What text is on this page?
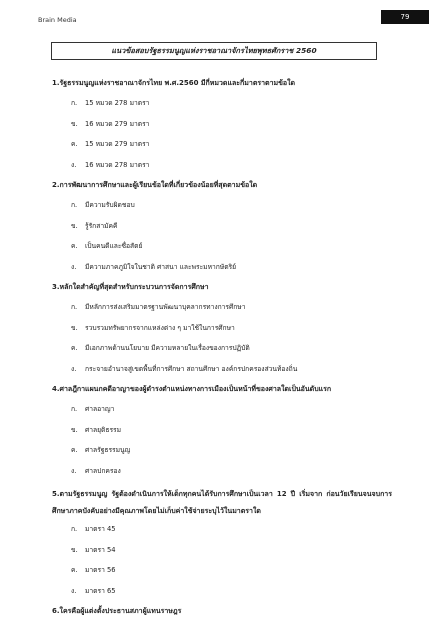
Brain Media	79
แนวข้อสอบรัฐธรรมนูญแห่งราชอาณาจักรไทยพุทธศักราช 2560
1.รัฐธรรมนูญแห่งราชอาณาจักรไทย พ.ศ.2560 มีกี่หมวดและกี่มาตราตามข้อใด
ก. 15 หมวด 278 มาตรา
ข. 16 หมวด 279 มาตรา
ค. 15 หมวด 279 มาตรา
ง. 16 หมวด 278 มาตรา
2.การพัฒนาการศึกษาและผู้เรียนข้อใดที่เกี่ยวข้องน้อยที่สุดตามข้อใด
ก. มีความรับผิดชอบ
ข. รู้รักสามัคคี
ค. เป็นคนดีและซื่อสัตย์
ง. มีความภาคภูมิใจในชาติ ศาสนา และพระมหากษัตริย์
3.หลักใดสำคัญที่สุดสำหรับกระบวนการจัดการศึกษา
ก. มีหลักการส่งเสริมมาตรฐานพัฒนาบุคลากรทางการศึกษา
ข. รวบรวมทรัพยากรจากแหล่งต่าง ๆ มาใช้ในการศึกษา
ค. มีเอกภาพด้านนโยบาย มีความหลายในเรื่องของการปฏิบัติ
ง. กระจายอำนาจสู่เขตพื้นที่การศึกษา สถานศึกษา องค์กรปกครองส่วนท้องถิ่น
4.ศาลฎีกาแผนกคดีอาญาของผู้ดำรงตำแหน่งทางการเมืองเป็นหน้าที่ของศาลใดเป็นอันดับแรก
ก. ศาลอาญา
ข. ศาลยุติธรรม
ค. ศาลรัฐธรรมนูญ
ง. ศาลปกครอง
5.ตามรัฐธรรมนูญ รัฐต้องดำเนินการให้เด็กทุกคนได้รับการศึกษาเป็นเวลา 12 ปี เริ่มจาก ก่อนวัยเรียนจนจบการศึกษาภาคบังคับอย่างมีคุณภาพโดยไม่เก็บค่าใช้จ่ายระบุไว้ในมาตราใด
ก. มาตรา 45
ข. มาตรา 54
ค. มาตรา 56
ง. มาตรา 65
6.ใครคือผู้แต่งตั้งประธานสภาผู้แทนราษฎร
